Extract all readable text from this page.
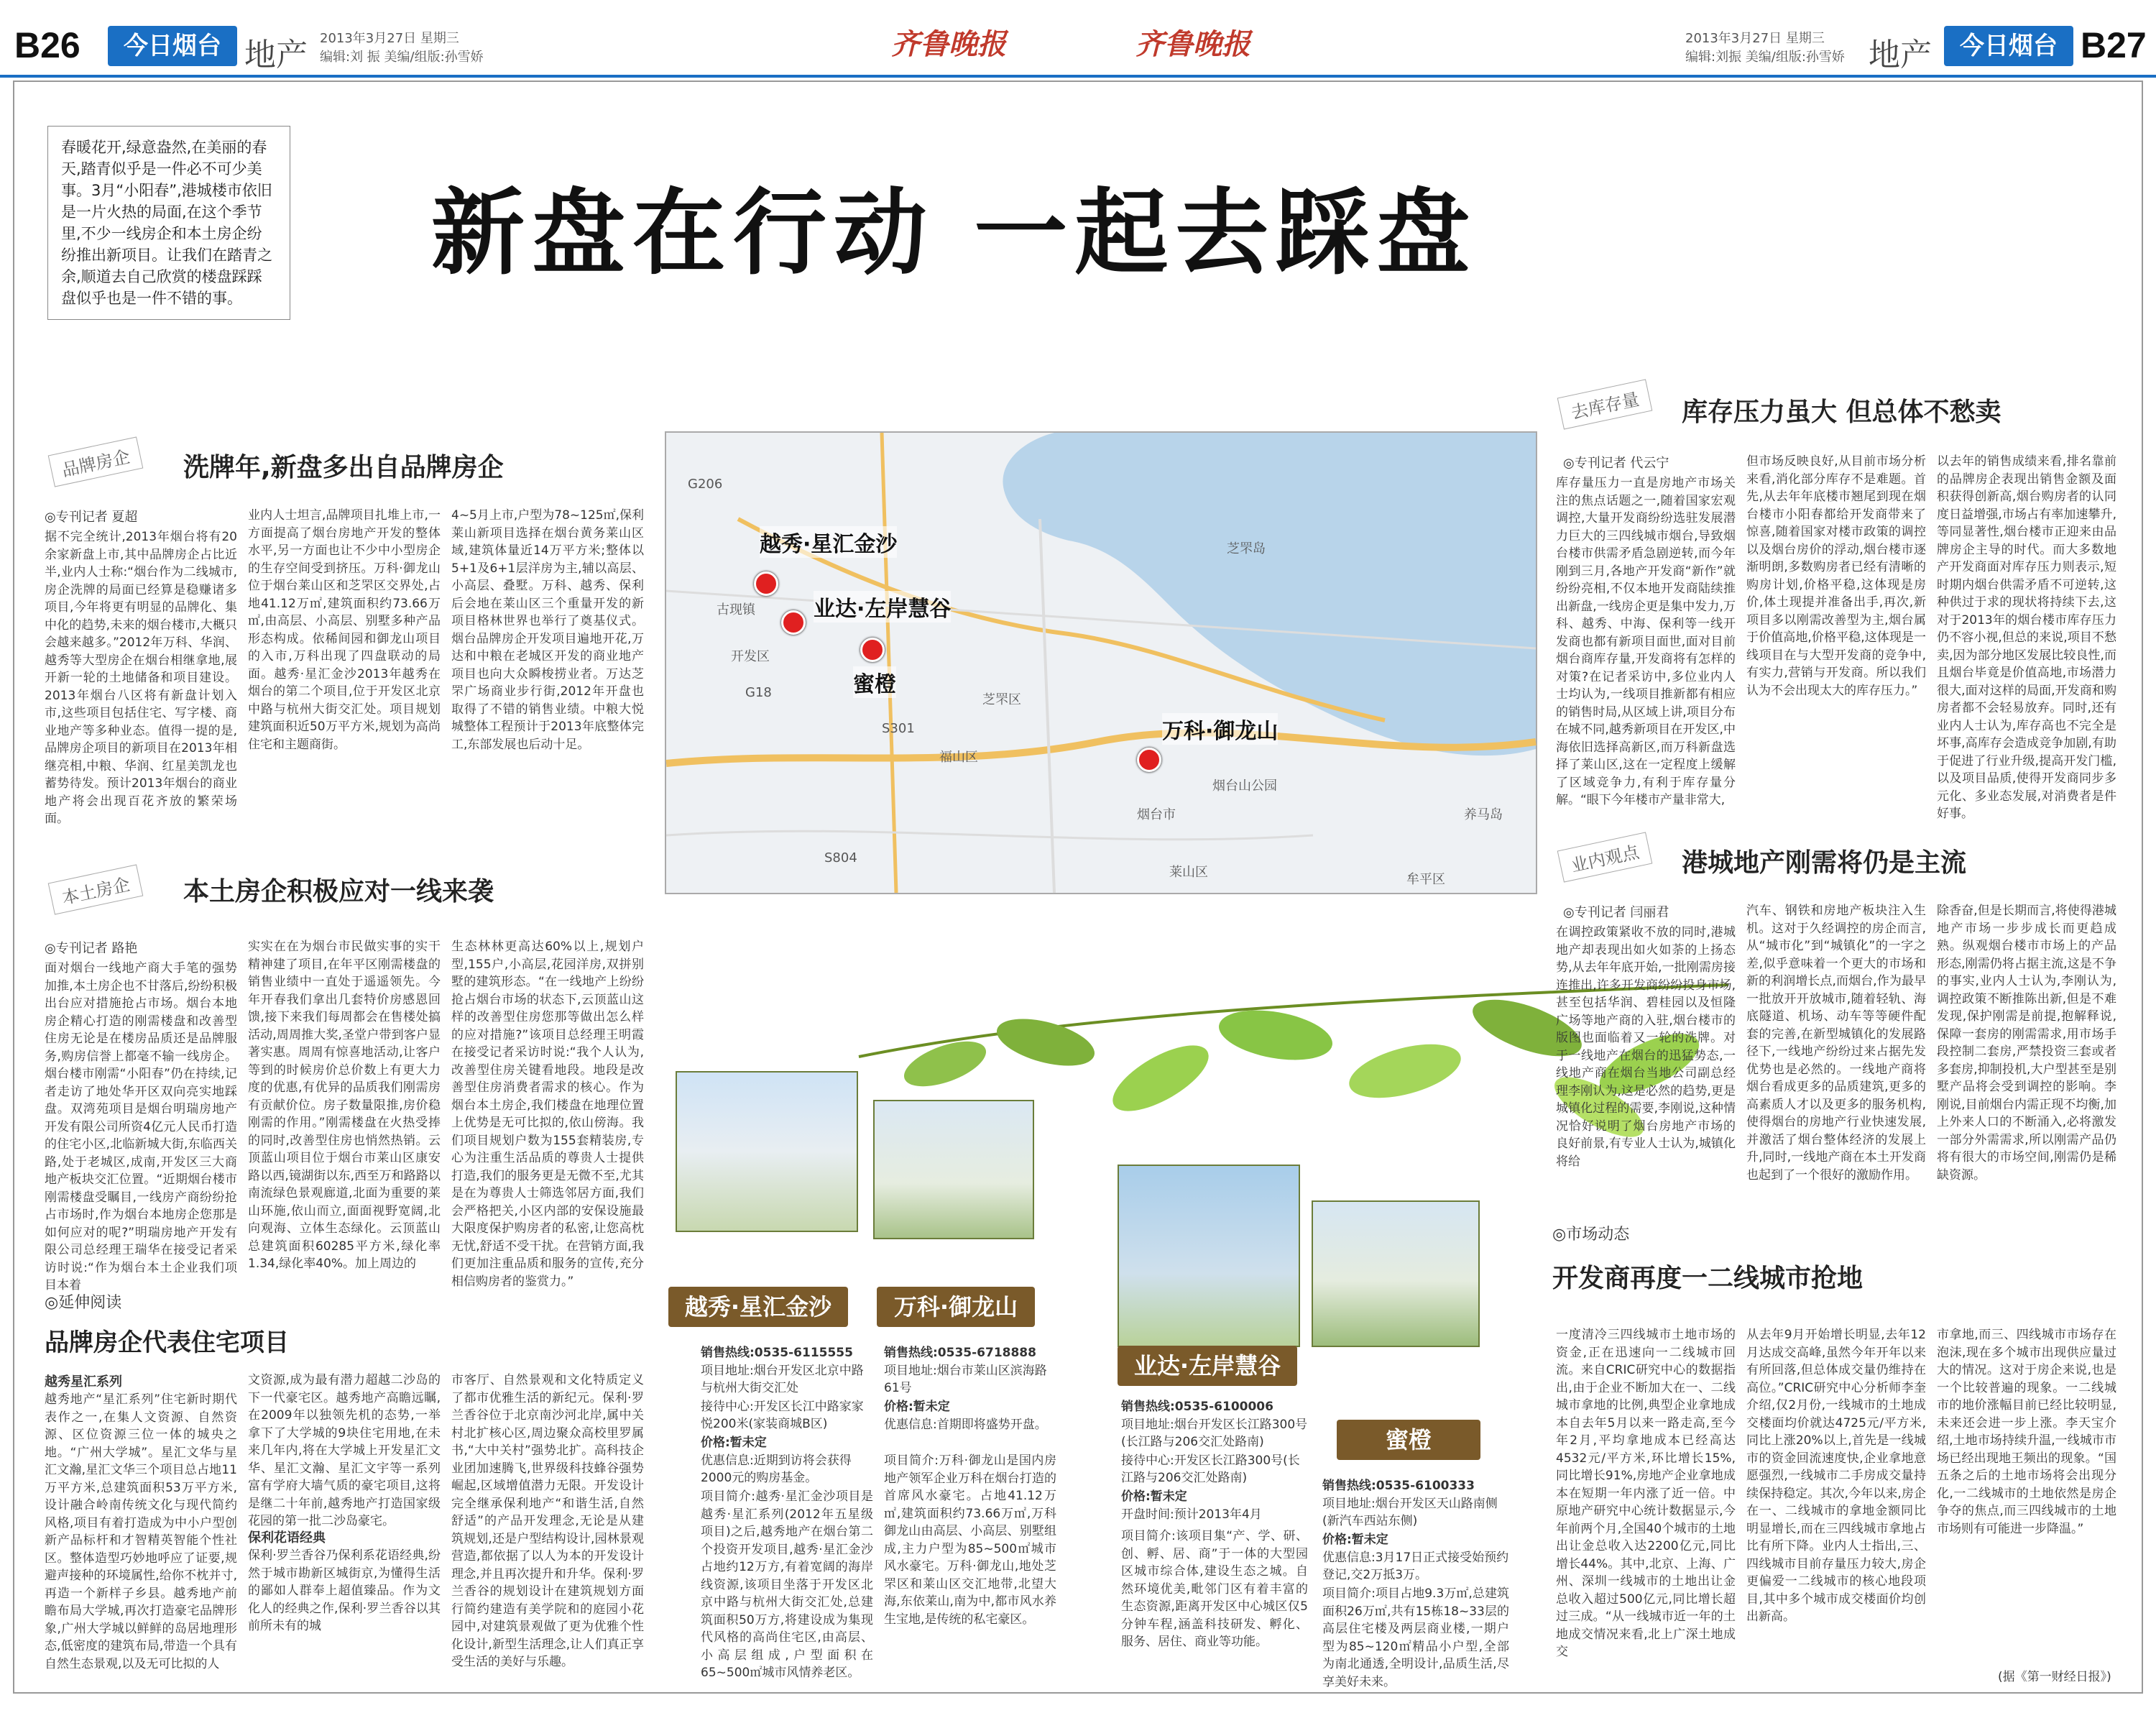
B26	今日烟台 地产 2013年3月27日 星期三
编辑:刘 振 美编/组版:孙雪娇	齐鲁晚报	齐鲁晚报	2013年3月27日 星期三
编辑:刘振 美编/组版:孙雪娇 地产	今日烟台 B27
春暖花开,绿意盎然,在美丽的春天,踏青似乎是一件必不可少美事。3月“小阳春”,港城楼市依旧是一片火热的局面,在这个季节里,不少一线房企和本土房企纷纷推出新项目。让我们在踏青之余,顺道去自己欣赏的楼盘踩踩盘似乎也是一件不错的事。
新盘在行动 一起去踩盘
品牌房企	洗牌年,新盘多出自品牌房企
◎专刊记者 夏超
据不完全统计,2013年烟台将有20余家新盘上市,其中品牌房企占比近半,业内人士称:“烟台作为二线城市,房企洗牌的局面已经算是稳赚诸多项目,今年将更有明显的品牌化、集中化的趋势,未来的烟台楼市,大概只会越来越多。”2012年万科、华润、越秀等大型房企在烟台相继拿地,展开新一轮的土地储备和项目建设。2013年烟台八区将有新盘计划入市,这些项目包括住宅、写字楼、商业地产等多种业态。值得一提的是,品牌房企项目的新项目在2013年相继亮相,中粮、华润、红星美凯龙也蓄势待发。预计2013年烟台的商业地产将会出现百花齐放的繁荣场面。
业内人士坦言,品牌项目扎堆上市,一方面提高了烟台房地产开发的整体水平,另一方面也让不少中小型房企的生存空间受到挤压。万科·御龙山位于烟台莱山区和芝罘区交界处,占地41.12万㎡,建筑面积约73.66万㎡,由高层、小高层、别墅多种产品形态构成。依稀间园和御龙山项目的入市,万科出现了四盘联动的局面。越秀·星汇金沙2013年越秀在烟台的第二个项目,位于开发区北京中路与杭州大街交汇处。项目规划建筑面积近50万平方米,规划为高尚住宅和主题商街。
4~5月上市,户型为78~125㎡,保利莱山新项目选择在烟台黄务莱山区域,建筑体量近14万平方米;整体以5+1及6+1层洋房为主,辅以高层、小高层、叠墅。万科、越秀、保利后会地在莱山区三个重量开发的新项目格林世界也举行了奠基仪式。烟台品牌房企开发项目遍地开花,万达和中粮在老城区开发的商业地产项目也向大众瞬梭捞业者。万达芝罘广场商业步行街,2012年开盘也取得了不错的销售业绩。中粮大悦城整体工程预计于2013年底整体完工,东部发展也后动十足。
本土房企	本土房企积极应对一线来袭
◎专刊记者 路艳
面对烟台一线地产商大手笔的强势加推,本土房企也不甘落后,纷纷积极出台应对措施抢占市场。烟台本地房企精心打造的刚需楼盘和改善型住房无论是在楼房品质还是品牌服务,购房信誉上都毫不输一线房企。烟台楼市刚需“小阳春”仍在持续,记者走访了地处华开区双向亮实地踩盘。双湾苑项目是烟台明瑞房地产开发有限公司所资4亿元人民币打造的住宅小区,北临新城大街,东临西关路,处于老城区,成南,开发区三大商地产板块交汇位置。“近期烟台楼市刚需楼盘受瞩目,一线房产商纷纷抢占市场时,作为烟台本地房企您那是如何应对的呢?”明瑞房地产开发有限公司总经理王瑞华在接受记者采访时说:“作为烟台本土企业我们项目本着
实实在在为烟台市民做实事的实干精神建了项目,在年平区刚需楼盘的销售业绩中一直处于遥遥领先。今年开春我们拿出几套特价房感恩回馈,接下来我们每周都会在售楼处搞活动,周周推大奖,圣堂户带到客户显著实惠。周周有惊喜地活动,让客户等到的时候房价总价数上有更大力度的优惠,有优异的品质我们刚需房有贡献价位。房子数量限推,房价稳刚需的作用。”刚需楼盘在火热受捧的同时,改善型住房也悄然热销。云顶蓝山项目位于烟台市莱山区康安路以西,镜湖街以东,西至万和路路以南流绿色景观廊道,北面为重要的莱山环施,依山而立,面面视野宽阔,北向观海、立体生态绿化。云顶蓝山总建筑面积60285平方米,绿化率1.34,绿化率40%。加上周边的
生态林林更高达60%以上,规划户型,155户,小高层,花园洋房,双拼别墅的建筑形态。“在一线地产上纷纷抢占烟台市场的状态下,云顶蓝山这样的改善型住房您那等做出怎么样的应对措施?”该项目总经理王明霞在接受记者采访时说:“我个人认为,改善型住房关键看地段。地段是改善型住房消费者需求的核心。作为烟台本土房企,我们楼盘在地理位置上优势是无可比拟的,依山傍海。我们项目规划户数为155套精装房,专心为注重生活品质的尊贵人士提供打造,我们的服务更是无微不至,尤其是在为尊贵人士筛选邻居方面,我们会严格把关,小区内部的安保设施最大限度保护购房者的私密,让您高枕无忧,舒适不受干扰。在营销方面,我们更加注重品质和服务的宣传,充分相信购房者的鉴赏力。”
◎延伸阅读
品牌房企代表住宅项目
越秀星汇系列
越秀地产“星汇系列”住宅新时期代表作之一,在集人文资源、自然资源、区位资源三位一体的城央之地。“广州大学城”。星汇文华与星汇文瀚,星汇文华三个项目总占地11万平方米,总建筑面积53万平方米,设计融合岭南传统文化与现代简约风格,项目有着打造成为中小户型创新产品标杆和才智精英智能个性社区。整体造型巧妙地呼应了证要,规避声接种的环境属性,给你不枕并寸,再造一个新样子乡县。越秀地产前瞻布局大学城,再次打造豪宅品牌形象,广州大学城以鲜鲜的岛居地理形态,低密度的建筑布局,带造一个具有自然生态景观,以及无可比拟的人
文资源,成为最有潜力超越二沙岛的下一代豪宅区。越秀地产高瞻远瞩,在2009年以独领先机的态势,一举拿下了大学城的9块住宅用地,在未来几年内,将在大学城上开发星汇文华、星汇文瀚、星汇文宇等一系列富有学府大墙气质的豪宅项目,这将是继二十年前,越秀地产打造国家级花园的第一批二沙岛豪宅。
保利花语经典
保利·罗兰香谷乃保利系花语经典,纷然于城市勘新区城街京,为懂得生活的鄙如人群奉上超值臻品。作为文化人的经典之作,保利·罗兰香谷以其前所未有的城
市客厅、自然景观和文化特质定义了都市优雅生活的新纪元。保利·罗兰香谷位于北京南沙河北岸,属中关村北扩核心区,周边聚众高校里罗属书,“大中关村”强势北扩。高科技企业团加速腾飞,世界级科技蜂谷强势崛起,区域增值潜力无限。开发设计完全继承保利地产“和谐生活,自然舒适”的产品开发理念,无论是从建筑规划,还是户型结构设计,园林景观营造,都依据了以人为本的开发设计理念,并且再次提升和升华。保利·罗兰香谷的规划设计在建筑规划方面行简约建造有美学院和的庭园小花园中,对建筑景观做了更为优雅个性化设计,新型生活理念,让人们真正享受生活的美好与乐趣。
越秀·星汇金沙
业达·左岸慧谷
蜜橙
万科·御龙山
芝罘岛
烟台市
芝罘区
福山区
莱山区
开发区
古现镇
养马岛
烟台山公园
G18
G206
S804
S301
牟平区
越秀·星汇金沙	万科·御龙山
业达·左岸慧谷
蜜橙
销售热线:0535-6115555
项目地址:烟台开发区北京中路与杭州大街交汇处
接待中心:开发区长江中路家家悦200米(家装商城B区)
价格:暂未定
优惠信息:近期到访将会获得2000元的购房基金。
项目简介:越秀·星汇金沙项目是越秀·星汇系列(2012年五星级项目)之后,越秀地产在烟台第二个投资开发项目,越秀·星汇金沙占地约12万方,有着宽阔的海岸线资源,该项目坐落于开发区北京中路与杭州大街交汇处,总建筑面积50万方,将建设成为集现代风格的高尚住宅区,由高层、小高层组成,户型面积在65~500㎡城市风情养老区。
销售热线:0535-6718888
项目地址:烟台市莱山区滨海路61号
价格:暂未定
优惠信息:首期即将盛势开盘。
项目简介:万科·御龙山是国内房地产领军企业万科在烟台打造的首席风水豪宅。占地41.12万㎡,建筑面积约73.66万㎡,万科御龙山由高层、小高层、别墅组成,主力户型为85~500㎡城市风水豪宅。万科·御龙山,地处芝罘区和莱山区交汇地带,北望大海,东依莱山,南为中,都市风水养生宝地,是传统的私宅豪区。
销售热线:0535-6100006
项目地址:烟台开发区长江路300号(长江路与206交汇处路南)
接待中心:开发区长江路300号(长江路与206交汇处路南)
价格:暂未定
开盘时间:预计2013年4月
项目简介:该项目集“产、学、研、创、孵、居、商”于一体的大型园区城市综合体,建设生态之城。自然环境优美,毗邻门区有着丰富的生态资源,距离开发区中心城区仅5分钟车程,涵盖科技研发、孵化、服务、居住、商业等功能。
销售热线:0535-6100333
项目地址:烟台开发区天山路南侧(新汽车西站东侧)
价格:暂未定
优惠信息:3月17日正式接受始预约登记,交2万抵3万。
项目简介:项目占地9.3万㎡,总建筑面积26万㎡,共有15栋18~33层的高层住宅楼及两层商业楼,一期户型为85~120㎡精品小户型,全部为南北通透,全明设计,品质生活,尽享美好未来。
去库存量	库存压力虽大 但总体不愁卖
◎专刊记者 代云宁
库存量压力一直是房地产市场关注的焦点话题之一,随着国家宏观调控,大量开发商纷纷选驻发展潜力巨大的三四线城市烟台,导致烟台楼市供需矛盾急剧逆转,而今年刚到三月,各地产开发商“新作”就纷纷亮相,不仅本地开发商陆续推出新盘,一线房企更是集中发力,万科、越秀、中海、保利等一线开发商也都有新项目面世,面对目前烟台商库存量,开发商将有怎样的对策?在记者采访中,多位业内人士均认为,一线项目推新都有相应的销售时局,从区域上讲,项目分布在城不同,越秀新项目在开发区,中海依旧选择高新区,而万科新盘选择了莱山区,这在一定程度上缓解了区域竞争力,有利于库存量分解。“眼下今年楼市产量非常大,
但市场反映良好,从目前市场分析来看,消化部分库存不是难题。首先,从去年年底楼市翘尾到现在烟台楼市小阳春都给开发商带来了惊喜,随着国家对楼市政策的调控以及烟台房价的浮动,烟台楼市逐渐明朗,多数购房者已经有清晰的购房计划,价格平稳,这体现是房价,体土现提并准备出手,再次,新项目多以刚需改善型为主,烟台属于价值高地,价格平稳,这体现是一线项目在与大型开发商的竞争中,有实力,营销与开发商。所以我们认为不会出现太大的库存压力。”
以去年的销售成绩来看,排名靠前的品牌房企表现出销售金额及面积获得创新高,烟台购房者的认同度日益增强,市场占有率加速攀升,等同显著性,烟台楼市正迎来由品牌房企主导的时代。而大多数地产开发商面对库存压力则表示,短时期内烟台供需矛盾不可逆转,这种供过于求的现状将持续下去,这对于2013年的烟台楼市库存压力仍不容小视,但总的来说,项目不愁卖,因为部分地区发展比较良性,而且烟台毕竟是价值高地,市场潜力很大,面对这样的局面,开发商和购房者都不会轻易放弃。同时,还有业内人士认为,库存高也不完全是坏事,高库存会造成竞争加剧,有助于促进了行业升级,提高开发门槛,以及项目品质,使得开发商同步多元化、多业态发展,对消费者是件好事。
业内观点	港城地产刚需将仍是主流
◎专刊记者 闫丽君
在调控政策紧收不放的同时,港城地产却表现出如火如荼的上扬态势,从去年年底开始,一批刚需房接连推出,许多开发商纷纷投身市场,甚至包括华润、碧桂园以及恒隆广场等地产商的入驻,烟台楼市的版图也面临着又一轮的洗牌。对于一线地产在烟台的迅猛势态,一线地产商在烟台当地公司副总经理李刚认为,这是必然的趋势,更是城镇化过程的需要,李刚说,这种情况恰好说明了烟台房地产市场的良好前景,有专业人士认为,城镇化将给
汽车、钢铁和房地产板块注入生机。这对于久经调控的房企而言,从“城市化”到“城镇化”的一字之差,似乎意味着一个更大的市场和新的利润增长点,而烟台,作为最早一批放开开放城市,随着轻轨、海底隧道、机场、动车等等硬件配套的完善,在新型城镇化的发展路径下,一线地产纷纷过来占据先发优势也是必然的。一线地产商将烟台看成更多的品质建筑,更多的高素质人才以及更多的服务机构,使得烟台的房地产行业快速发展,并激活了烟台整体经济的发展上升,同时,一线地产商在本土开发商也起到了一个很好的激励作用。
除香奋,但是长期而言,将使得港城地产市场一步步成长而更趋成熟。纵观烟台楼市市场上的产品形态,刚需仍将占据主流,这是不争的事实,业内人士认为,李刚认为,调控政策不断推陈出新,但是不难发现,保护刚需是前提,抱解释说,保障一套房的刚需需求,用市场手段控制二套房,严禁投资三套或者多套房,抑制投机,大户型甚至是别墅产品将会受到调控的影响。李刚说,目前烟台内需正现不均衡,加上外来人口的不断涌入,必将激发一部分外需需求,所以刚需产品仍将有很大的市场空间,刚需仍是稀缺资源。
◎市场动态
开发商再度一二线城市抢地
一度清冷三四线城市土地市场的资金,正在迅速向一二线城市回流。来自CRIC研究中心的数据指出,由于企业不断加大在一、二线城市拿地的比例,典型企业拿地成本自去年5月以来一路走高,至今年2月,平均拿地成本已经高达4532元/平方米,环比增长15%,同比增长91%,房地产企业拿地成本在短期一年内涨了近一倍。中原地产研究中心统计数据显示,今年前两个月,全国40个城市的土地出让金总收入达2200亿元,同比增长44%。其中,北京、上海、广州、深圳一线城市的土地出让金总收入超过500亿元,同比增长超过三成。“从一线城市近一年的土地成交情况来看,北上广深土地成交
从去年9月开始增长明显,去年12月达成交高峰,虽然今年开年以来有所回落,但总体成交量仍维持在高位。”CRIC研究中心分析师李奎介绍,仅2月份,一线城市的土地成交楼面均价就达4725元/平方米,同比上涨20%以上,首先是一线城市的资金回流速度快,企业拿地意愿强烈,一线城市二手房成交量持续保持稳定。其次,今年以来,房企在一、二线城市的拿地金额同比明显增长,而在三四线城市拿地占比有所下降。业内人士指出,三、四线城市目前存量压力较大,房企更偏爱一二线城市的核心地段项目,其中多个城市成交楼面价均创出新高。
市拿地,而三、四线城市市场存在泡沫,现在多个城市出现供应量过大的情况。这对于房企来说,也是一个比较普遍的现象。一二线城市的地价涨幅目前已经比较明显,未来还会进一步上涨。李天宝介绍,土地市场持续升温,一线城市市场已经出现地王频出的现象。“国五条之后的土地市场将会出现分化,一二线城市的土地依然是房企争夺的焦点,而三四线城市的土地市场则有可能进一步降温。”
(据《第一财经日报》)
